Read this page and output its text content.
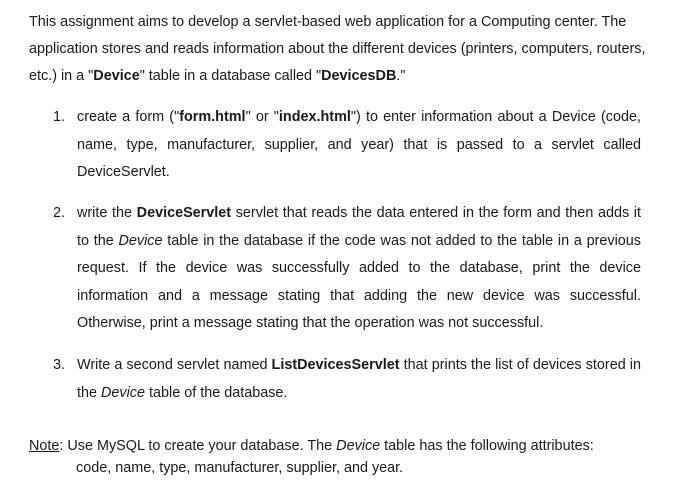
This assignment aims to develop a servlet-based web application for a Computing center. The application stores and reads information about the different devices (printers, computers, routers, etc.) in a "Device" table in a database called "DevicesDB."

1. create a form ("form.html" or "index.html") to enter information about a Device (code, name, type, manufacturer, supplier, and year) that is passed to a servlet called DeviceServlet.
2. write the DeviceServlet servlet that reads the data entered in the form and then adds it to the Device table in the database if the code was not added to the table in a previous request. If the device was successfully added to the database, print the device information and a message stating that adding the new device was successful. Otherwise, print a message stating that the operation was not successful.
3. Write a second servlet named ListDevicesServlet that prints the list of devices stored in the Device table of the database.
Note: Use MySQL to create your database. The Device table has the following attributes:
code, name, type, manufacturer, supplier, and year.
